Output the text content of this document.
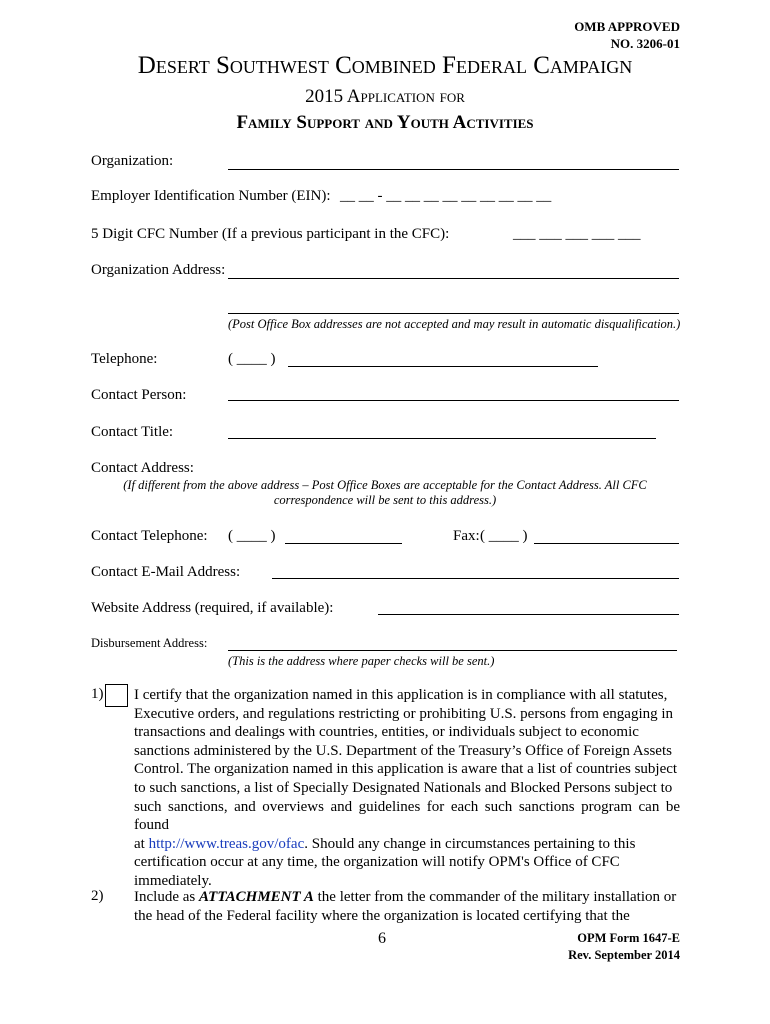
OMB APPROVED
NO. 3206-01
Desert Southwest Combined Federal Campaign
2015 Application for
Family Support and Youth Activities
Organization:
Employer Identification Number (EIN): __ __ - __ __ __ __ __ __ __ __ __
5 Digit CFC Number (If a previous participant in the CFC):	___ ___ ___ ___ ___
Organization Address:
(Post Office Box addresses are not accepted and may result in automatic disqualification.)
Telephone:	( ____ )
Contact Person:
Contact Title:
Contact Address:
(If different from the above address – Post Office Boxes are acceptable for the Contact Address. All CFC
correspondence will be sent to this address.)
Contact Telephone: ( ____ )	Fax: ( ____ )
Contact E-Mail Address:
Website Address (required, if available):
Disbursement Address:
(This is the address where paper checks will be sent.)
1) I certify that the organization named in this application is in compliance with all statutes,
Executive orders, and regulations restricting or prohibiting U.S. persons from engaging in
transactions and dealings with countries, entities, or individuals subject to economic
sanctions administered by the U.S. Department of the Treasury’s Office of Foreign Assets
Control. The organization named in this application is aware that a list of countries subject
to such sanctions, a list of Specially Designated Nationals and Blocked Persons subject to
such sanctions, and overviews and guidelines for each such sanctions program can be found
at http://www.treas.gov/ofac. Should any change in circumstances pertaining to this
certification occur at any time, the organization will notify OPM's Office of CFC
immediately.
2) Include as ATTACHMENT A the letter from the commander of the military installation or
the head of the Federal facility where the organization is located certifying that the
6	OPM Form 1647-E
Rev. September 2014
